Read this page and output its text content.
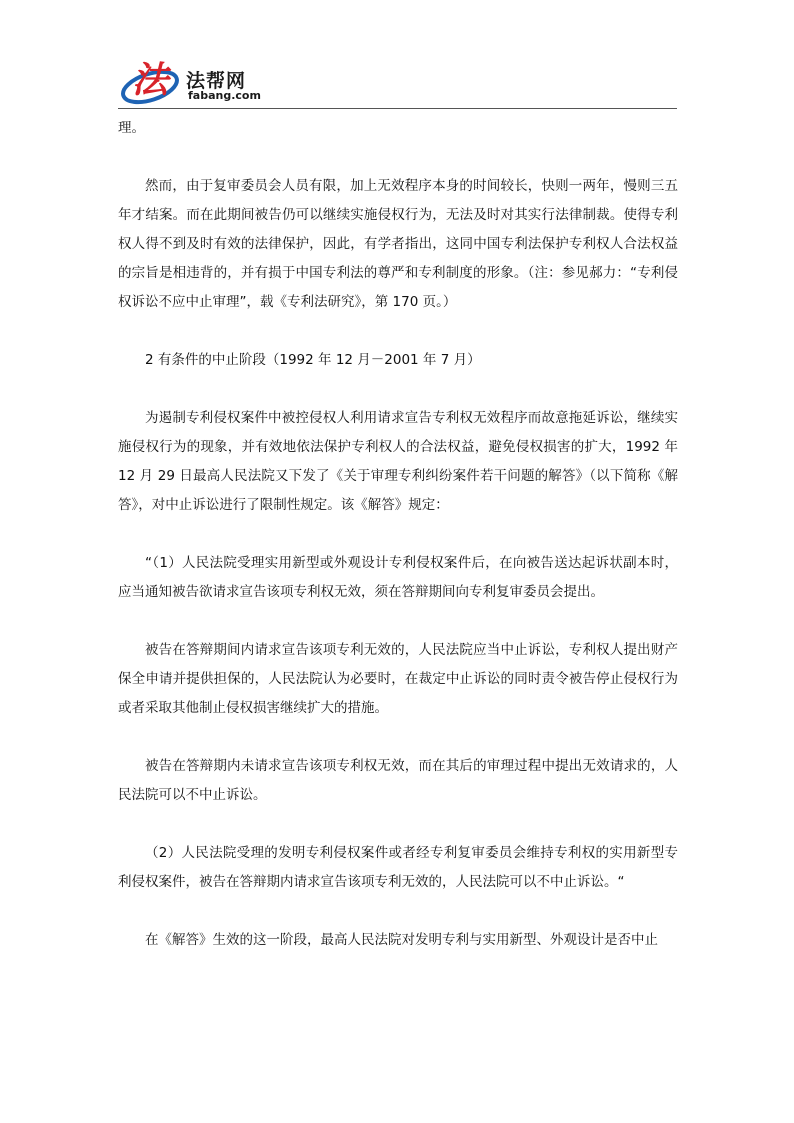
法 法帮网
fabang.com

理。

然而，由于复审委员会人员有限，加上无效程序本身的时间较长，快则一两年，慢则三五年才结案。而在此期间被告仍可以继续实施侵权行为，无法及时对其实行法律制裁。使得专利权人得不到及时有效的法律保护，因此，有学者指出，这同中国专利法保护专利权人合法权益的宗旨是相违背的，并有损于中国专利法的尊严和专利制度的形象。（注：参见郝力：“专利侵权诉讼不应中止审理”，载《专利法研究》，第 170 页。）

2 有条件的中止阶段（1992 年 12 月－2001 年 7 月）

为遏制专利侵权案件中被控侵权人利用请求宣告专利权无效程序而故意拖延诉讼，继续实施侵权行为的现象，并有效地依法保护专利权人的合法权益，避免侵权损害的扩大，1992 年 12 月 29 日最高人民法院又下发了《关于审理专利纠纷案件若干问题的解答》（以下简称《解答》，对中止诉讼进行了限制性规定。该《解答》规定：

“（1）人民法院受理实用新型或外观设计专利侵权案件后，在向被告送达起诉状副本时，应当通知被告欲请求宣告该项专利权无效，须在答辩期间向专利复审委员会提出。

被告在答辩期间内请求宣告该项专利无效的，人民法院应当中止诉讼，专利权人提出财产保全申请并提供担保的，人民法院认为必要时，在裁定中止诉讼的同时责令被告停止侵权行为或者采取其他制止侵权损害继续扩大的措施。

被告在答辩期内未请求宣告该项专利权无效，而在其后的审理过程中提出无效请求的，人民法院可以不中止诉讼。

（2）人民法院受理的发明专利侵权案件或者经专利复审委员会维持专利权的实用新型专利侵权案件，被告在答辩期内请求宣告该项专利无效的，人民法院可以不中止诉讼。“

在《解答》生效的这一阶段，最高人民法院对发明专利与实用新型、外观设计是否中止
